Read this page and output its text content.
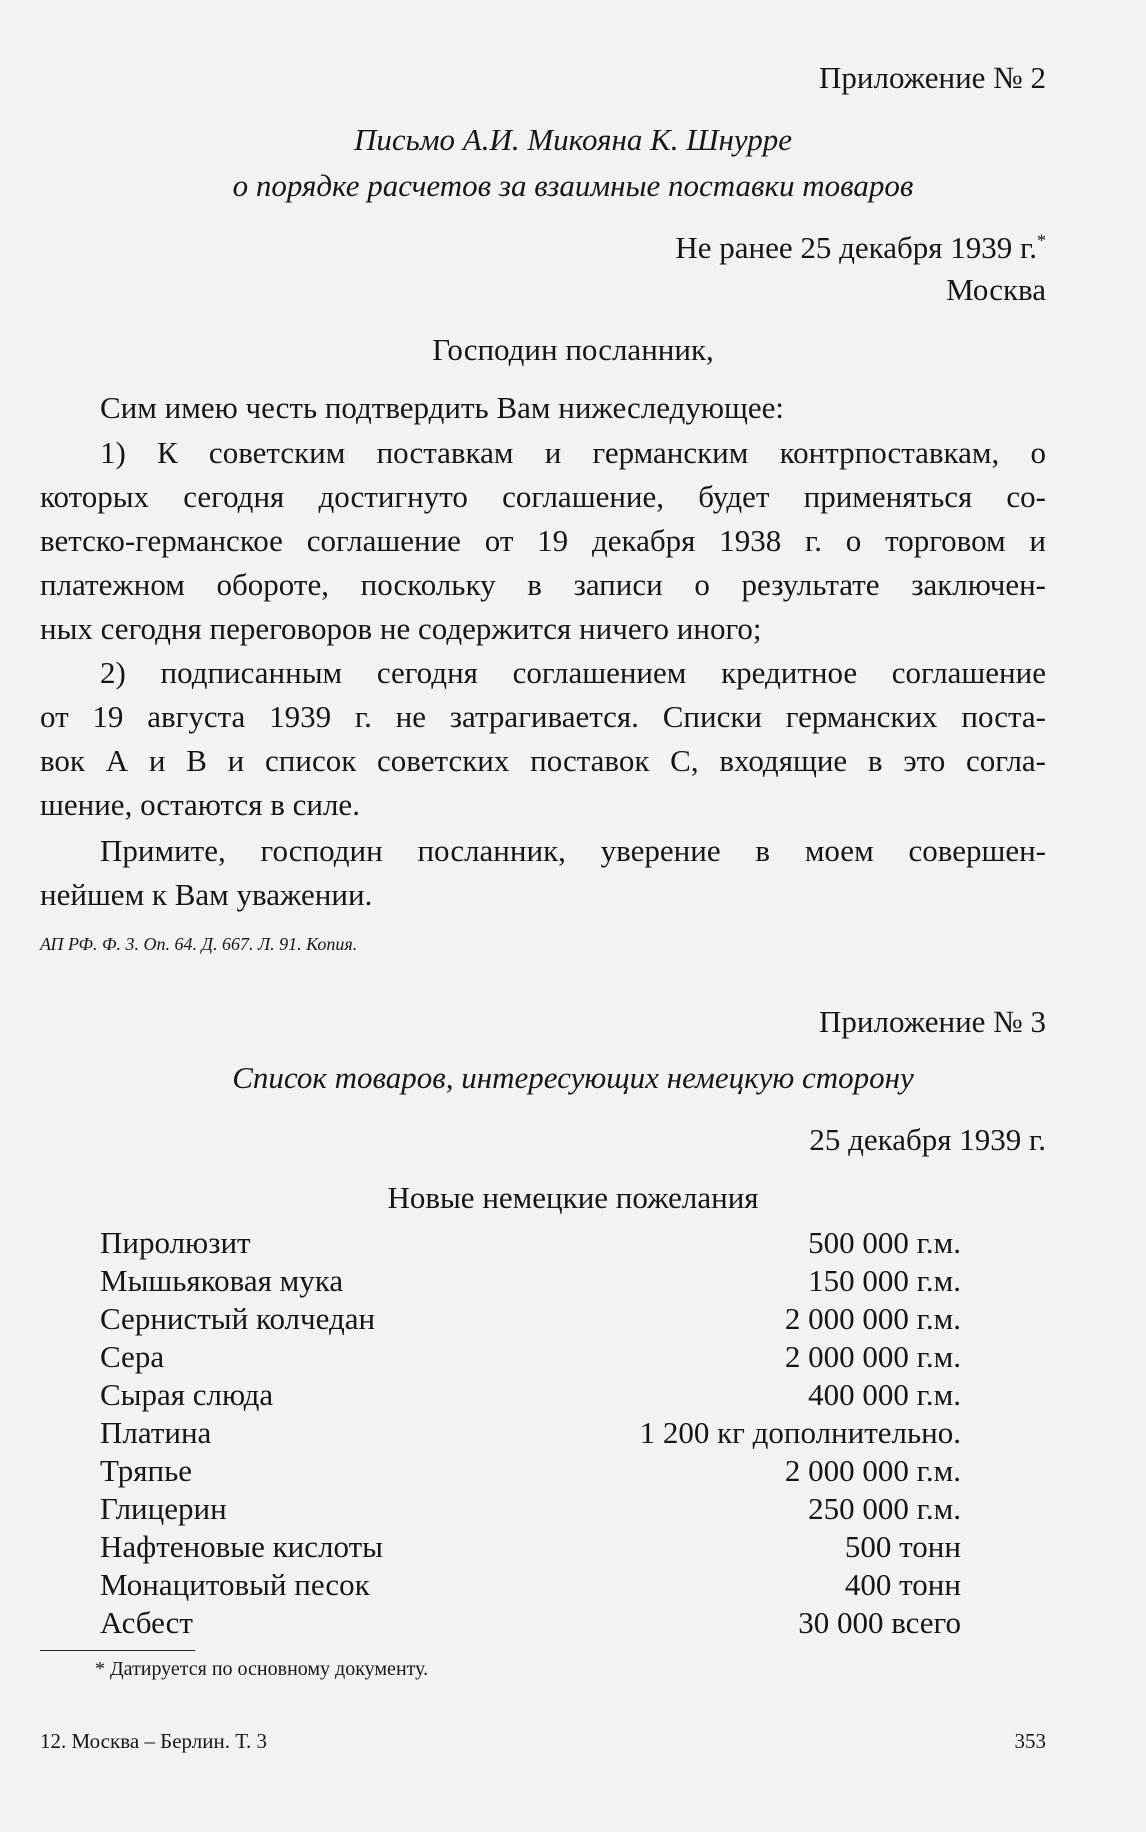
Приложение № 2
Письмо А.И. Микояна К. Шнурре
о порядке расчетов за взаимные поставки товаров
Не ранее 25 декабря 1939 г.*
Москва
Господин посланник,
Сим имею честь подтвердить Вам нижеследующее:
1) К советским поставкам и германским контрпоставкам, о
которых сегодня достигнуто соглашение, будет применяться со-
ветско-германское соглашение от 19 декабря 1938 г. о торговом и
платежном обороте, поскольку в записи о результате заключен-
ных сегодня переговоров не содержится ничего иного;
2) подписанным сегодня соглашением кредитное соглашение
от 19 августа 1939 г. не затрагивается. Списки германских поста-
вок А и В и список советских поставок С, входящие в это согла-
шение, остаются в силе.
Примите, господин посланник, уверение в моем совершен-
нейшем к Вам уважении.
АП РФ. Ф. 3. Оп. 64. Д. 667. Л. 91. Копия.
Приложение № 3
Список товаров, интересующих немецкую сторону
25 декабря 1939 г.
Новые немецкие пожелания
Пиролюзит	500 000 г.м.
Мышьяковая мука	150 000 г.м.
Сернистый колчедан	2 000 000 г.м.
Сера	2 000 000 г.м.
Сырая слюда	400 000 г.м.
Платина	1 200 кг дополнительно.
Тряпье	2 000 000 г.м.
Глицерин	250 000 г.м.
Нафтеновые кислоты	500 тонн
Монацитовый песок	400 тонн
Асбест	30 000 всего
* Датируется по основному документу.
12. Москва – Берлин. Т. 3	353
